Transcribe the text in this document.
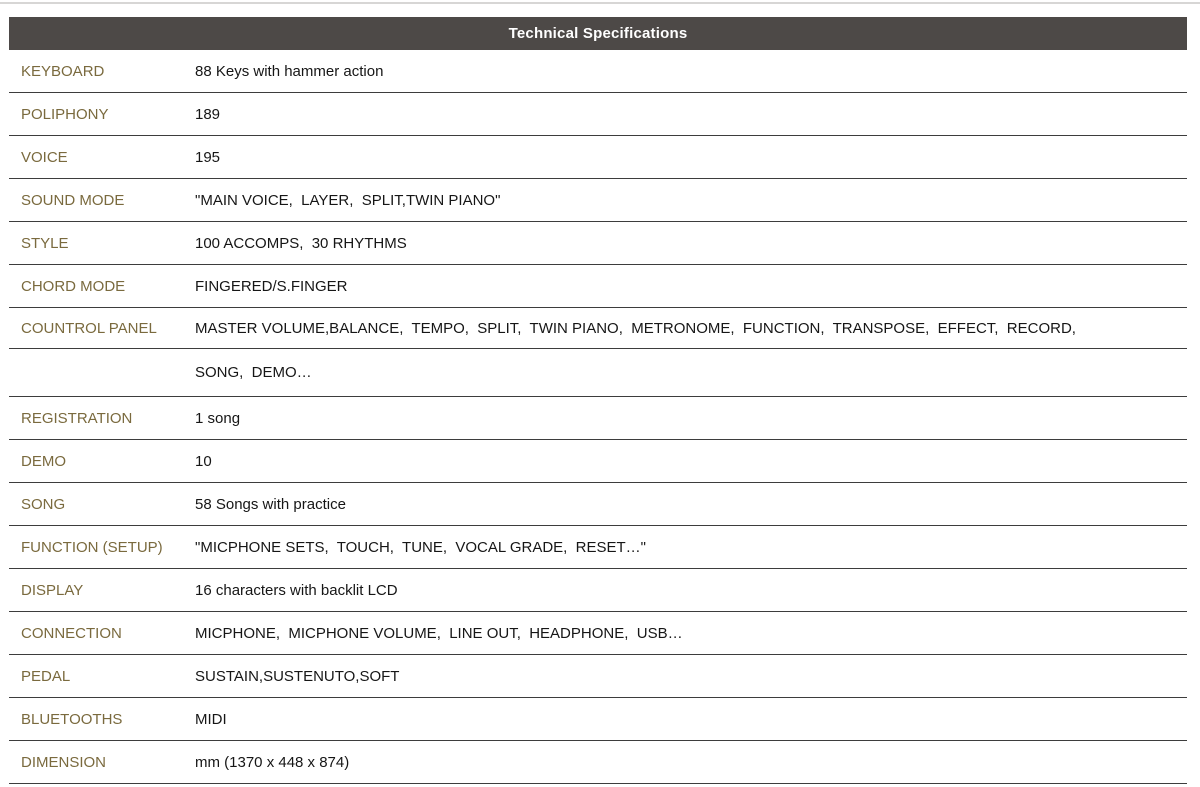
Technical Specifications
KEYBOARD	88 Keys with hammer action
POLIPHONY	189
VOICE	195
SOUND MODE	"MAIN VOICE,  LAYER,  SPLIT,TWIN PIANO"
STYLE	100 ACCOMPS,  30 RHYTHMS
CHORD MODE	FINGERED/S.FINGER
COUNTROL PANEL	MASTER VOLUME,BALANCE,  TEMPO,  SPLIT,  TWIN PIANO,  METRONOME,  FUNCTION,  TRANSPOSE,  EFFECT,  RECORD,
SONG,  DEMO…
REGISTRATION	1 song
DEMO	10
SONG	58 Songs with practice
FUNCTION (SETUP)	"MICPHONE SETS,  TOUCH,  TUNE,  VOCAL GRADE,  RESET…"
DISPLAY	16 characters with backlit LCD
CONNECTION	MICPHONE,  MICPHONE VOLUME,  LINE OUT,  HEADPHONE,  USB…
PEDAL	SUSTAIN,SUSTENUTO,SOFT
BLUETOOTHS	MIDI
DIMENSION	mm (1370 x 448 x 874)
